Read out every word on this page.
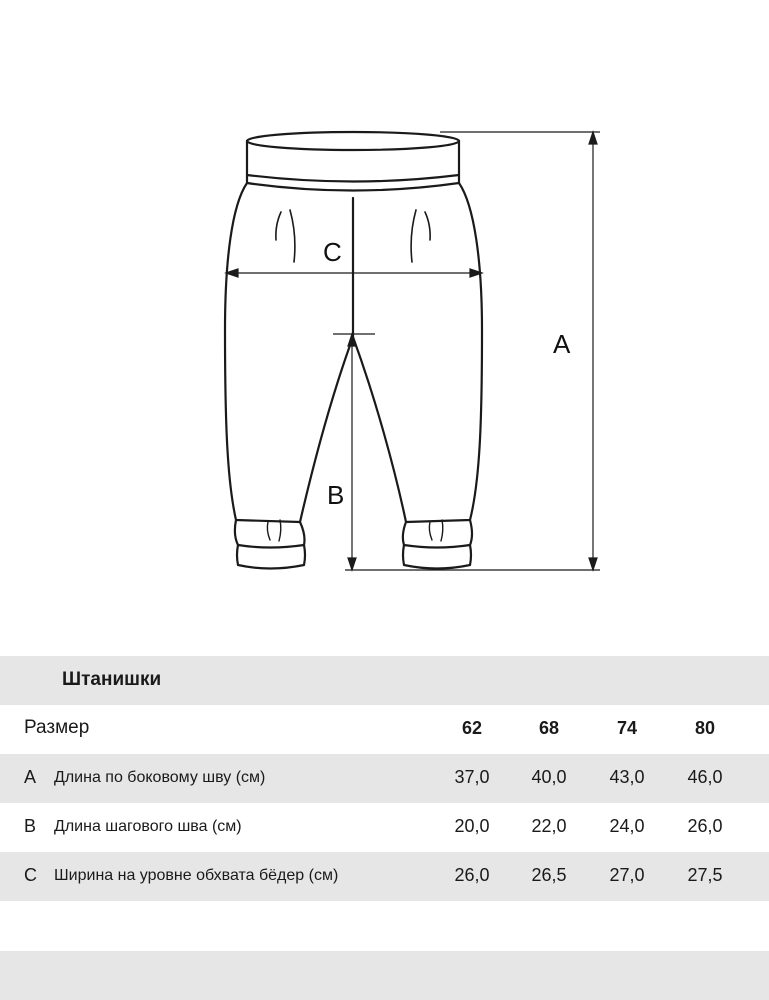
C
A
B
Штанишки
Размер	62	68	74	80
A Длина по боковому шву (см)	37,0	40,0	43,0	46,0
B Длина шагового шва (см)	20,0	22,0	24,0	26,0
C Ширина на уровне обхвата бёдер (см)	26,0	26,5	27,0	27,5
